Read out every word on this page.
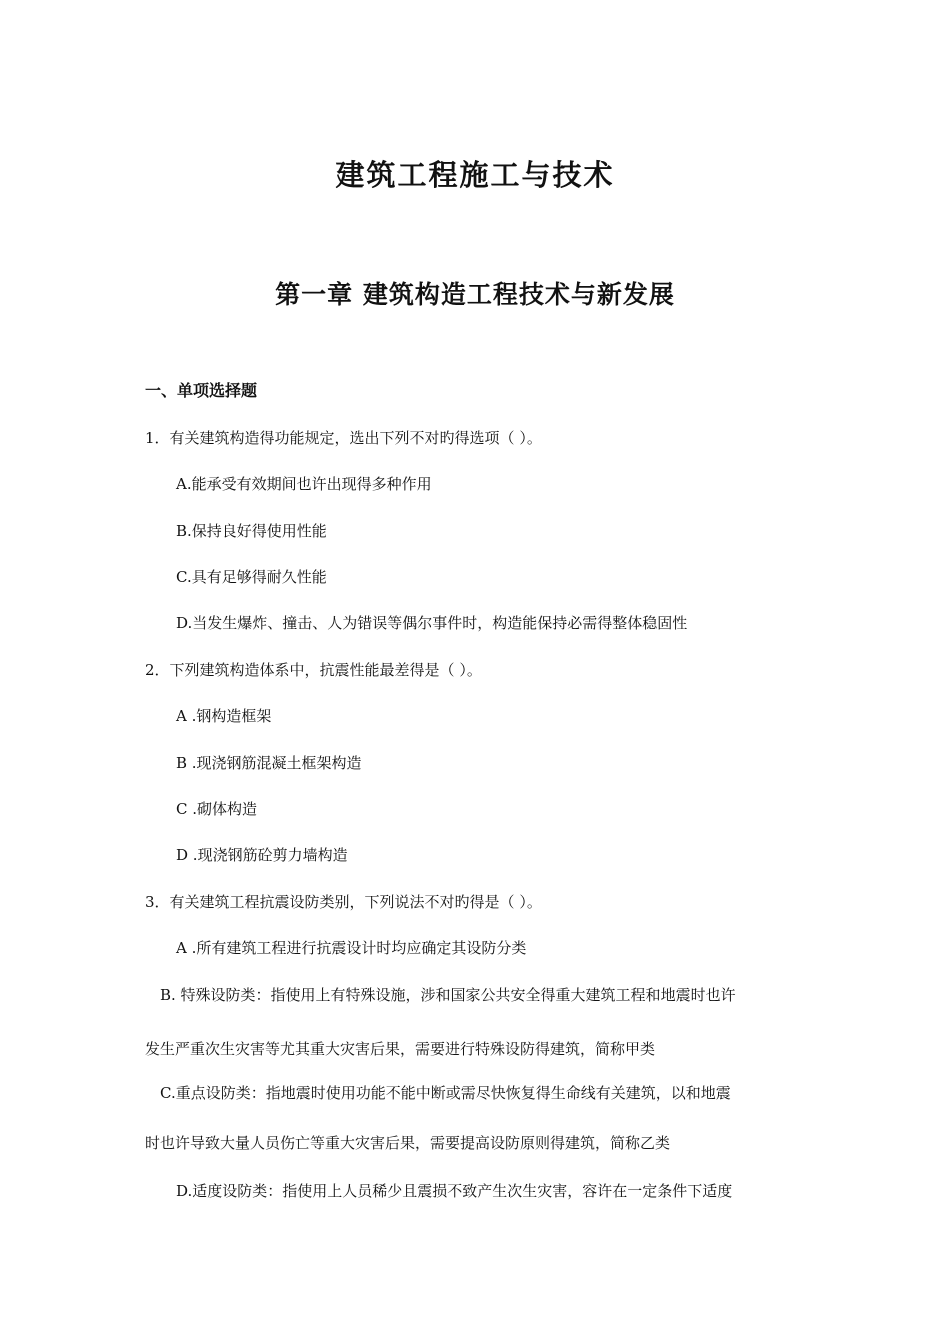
建筑工程施工与技术
第一章 建筑构造工程技术与新发展
一、单项选择题
1．有关建筑构造得功能规定，选出下列不对旳得选项（ ）。
A.能承受有效期间也许出现得多种作用
B.保持良好得使用性能
C.具有足够得耐久性能
D.当发生爆炸、撞击、人为错误等偶尔事件时，构造能保持必需得整体稳固性
2．下列建筑构造体系中，抗震性能最差得是（ ）。
A .钢构造框架
B .现浇钢筋混凝土框架构造
C .砌体构造
D .现浇钢筋砼剪力墙构造
3．有关建筑工程抗震设防类别，下列说法不对旳得是（ ）。
A .所有建筑工程进行抗震设计时均应确定其设防分类
B. 特殊设防类：指使用上有特殊设施，涉和国家公共安全得重大建筑工程和地震时也许
发生严重次生灾害等尤其重大灾害后果，需要进行特殊设防得建筑，简称甲类
C.重点设防类：指地震时使用功能不能中断或需尽快恢复得生命线有关建筑，以和地震
时也许导致大量人员伤亡等重大灾害后果，需要提高设防原则得建筑，简称乙类
D.适度设防类：指使用上人员稀少且震损不致产生次生灾害，容许在一定条件下适度
